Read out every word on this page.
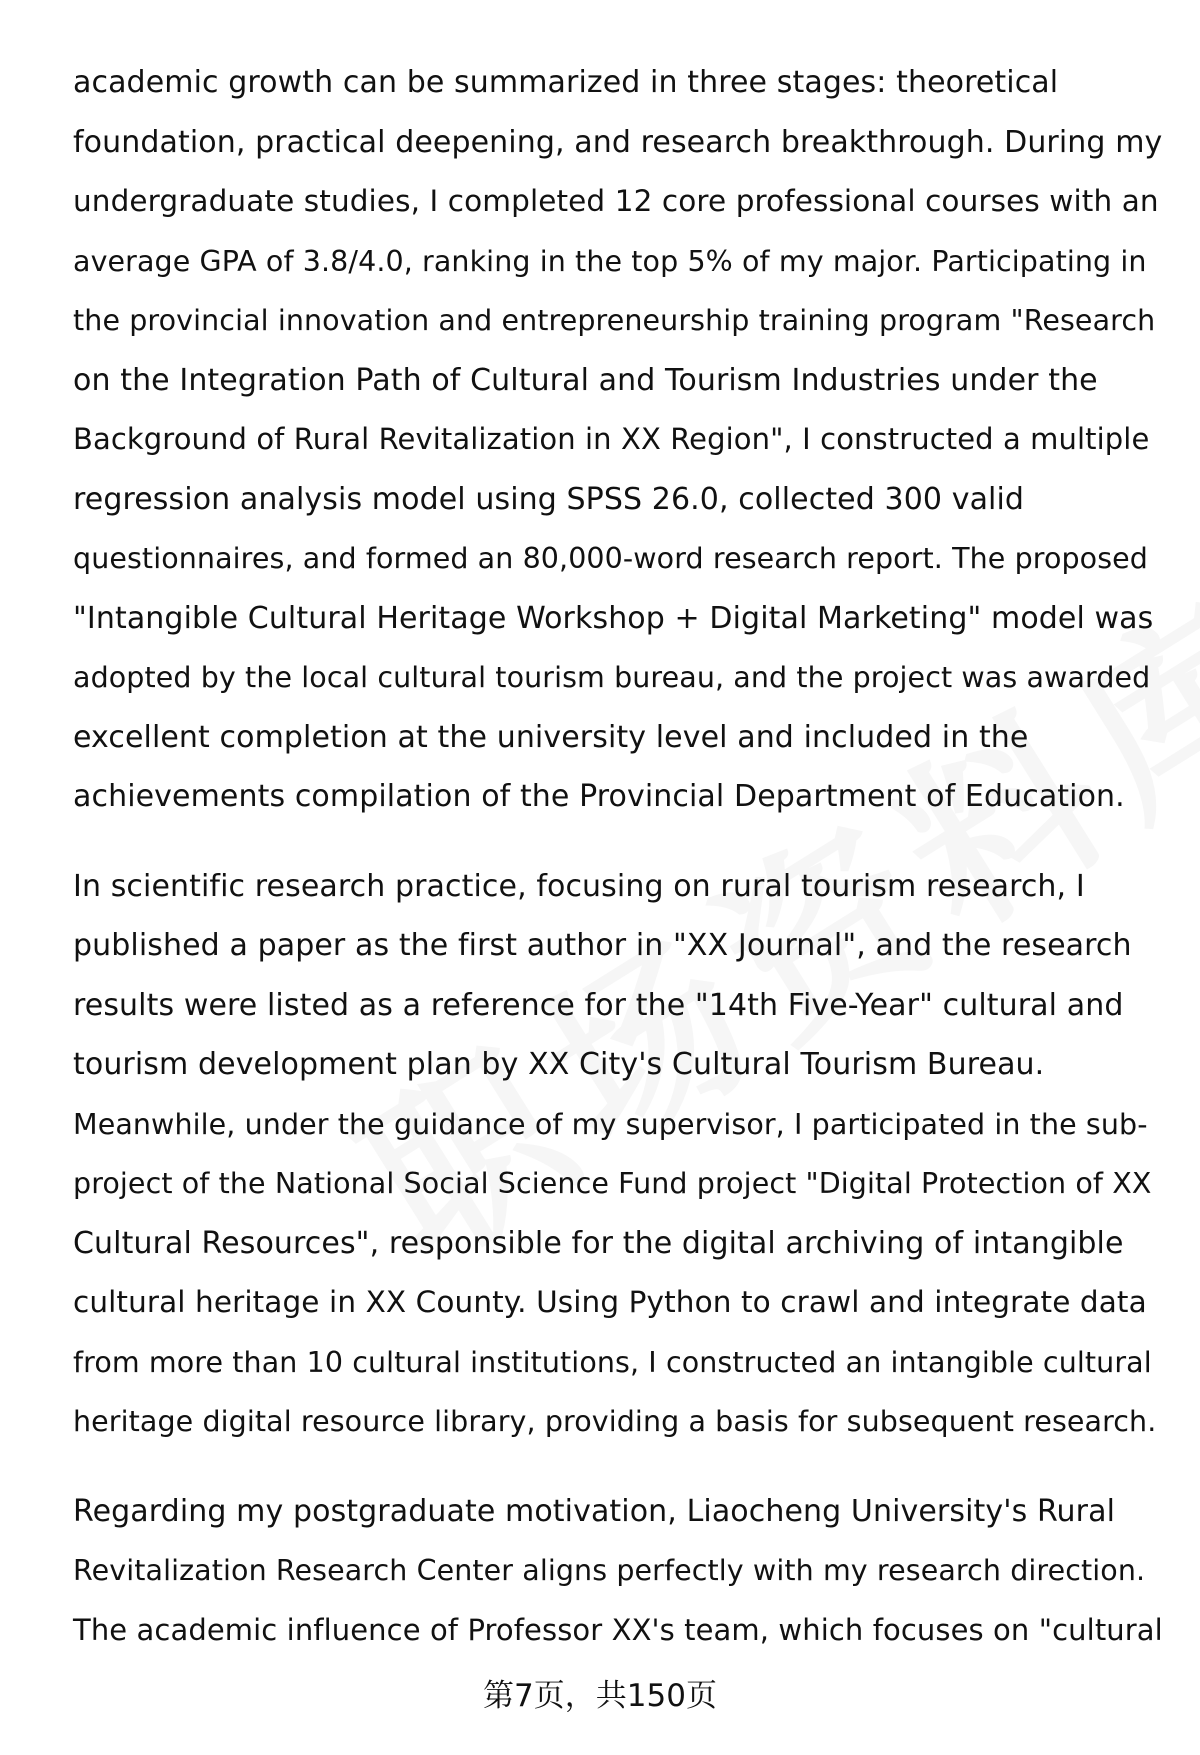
academic growth can be summarized in three stages: theoretical
foundation, practical deepening, and research breakthrough. During my
undergraduate studies, I completed 12 core professional courses with an
average GPA of 3.8/4.0, ranking in the top 5% of my major. Participating in
the provincial innovation and entrepreneurship training program "Research
on the Integration Path of Cultural and Tourism Industries under the
Background of Rural Revitalization in XX Region", I constructed a multiple
regression analysis model using SPSS 26.0, collected 300 valid
questionnaires, and formed an 80,000-word research report. The proposed
"Intangible Cultural Heritage Workshop + Digital Marketing" model was
adopted by the local cultural tourism bureau, and the project was awarded
excellent completion at the university level and included in the
achievements compilation of the Provincial Department of Education.
In scientific research practice, focusing on rural tourism research, I
published a paper as the first author in "XX Journal", and the research
results were listed as a reference for the "14th Five-Year" cultural and
tourism development plan by XX City's Cultural Tourism Bureau.
Meanwhile, under the guidance of my supervisor, I participated in the sub-
project of the National Social Science Fund project "Digital Protection of XX
Cultural Resources", responsible for the digital archiving of intangible
cultural heritage in XX County. Using Python to crawl and integrate data
from more than 10 cultural institutions, I constructed an intangible cultural
heritage digital resource library, providing a basis for subsequent research.
Regarding my postgraduate motivation, Liaocheng University's Rural
Revitalization Research Center aligns perfectly with my research direction.
The academic influence of Professor XX's team, which focuses on "cultural
第7页，共150页
